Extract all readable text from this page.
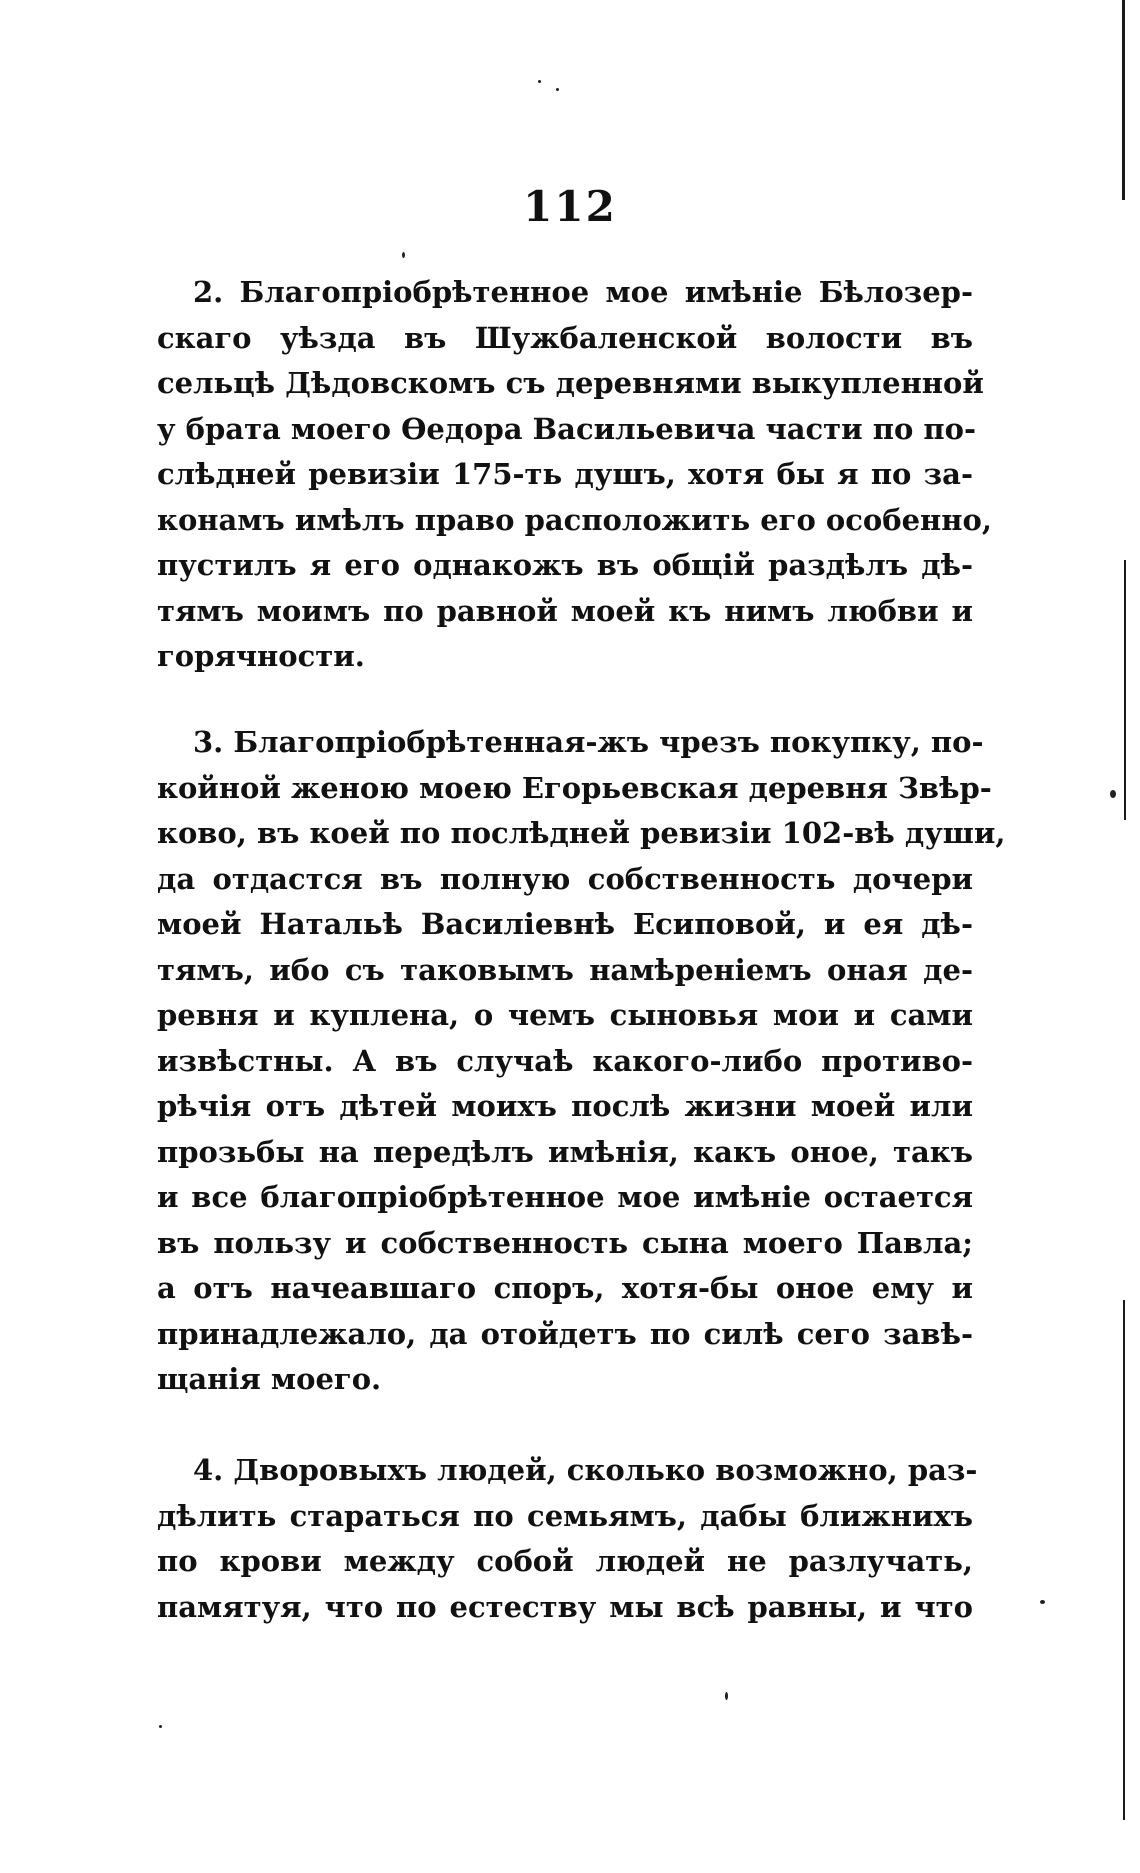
112
2. Благопріобрѣтенное мое имѣніе Бѣлозер-
скаго уѣзда въ Шужбаленской волости въ
сельцѣ Дѣдовскомъ съ деревнями выкупленной
у брата моего Ѳедора Васильевича части по по-
слѣдней ревизіи 175-ть душъ, хотя бы я по за-
конамъ имѣлъ право расположить его особенно,
пустилъ я его однакожъ въ общій раздѣлъ дѣ-
тямъ моимъ по равной моей къ нимъ любви и
горячности.
3. Благопріобрѣтенная-жъ чрезъ покупку, по-
койной женою моею Егорьевская деревня Звѣр-
ково, въ коей по послѣдней ревизіи 102-вѣ души,
да отдастся въ полную собственность дочери
моей Натальѣ Василіевнѣ Есиповой, и ея дѣ-
тямъ, ибо съ таковымъ намѣреніемъ оная де-
ревня и куплена, о чемъ сыновья мои и сами
извѣстны. А въ случаѣ какого-либо противо-
рѣчія отъ дѣтей моихъ послѣ жизни моей или
прозьбы на передѣлъ имѣнія, какъ оное, такъ
и все благопріобрѣтенное мое имѣніе остается
въ пользу и собственность сына моего Павла;
а отъ начеавшаго споръ, хотя-бы оное ему и
принадлежало, да отойдетъ по силѣ сего завѣ-
щанія моего.
4. Дворовыхъ людей, сколько возможно, раз-
дѣлить стараться по семьямъ, дабы ближнихъ
по крови между собой людей не разлучать,
памятуя, что по естеству мы всѣ равны, и что
